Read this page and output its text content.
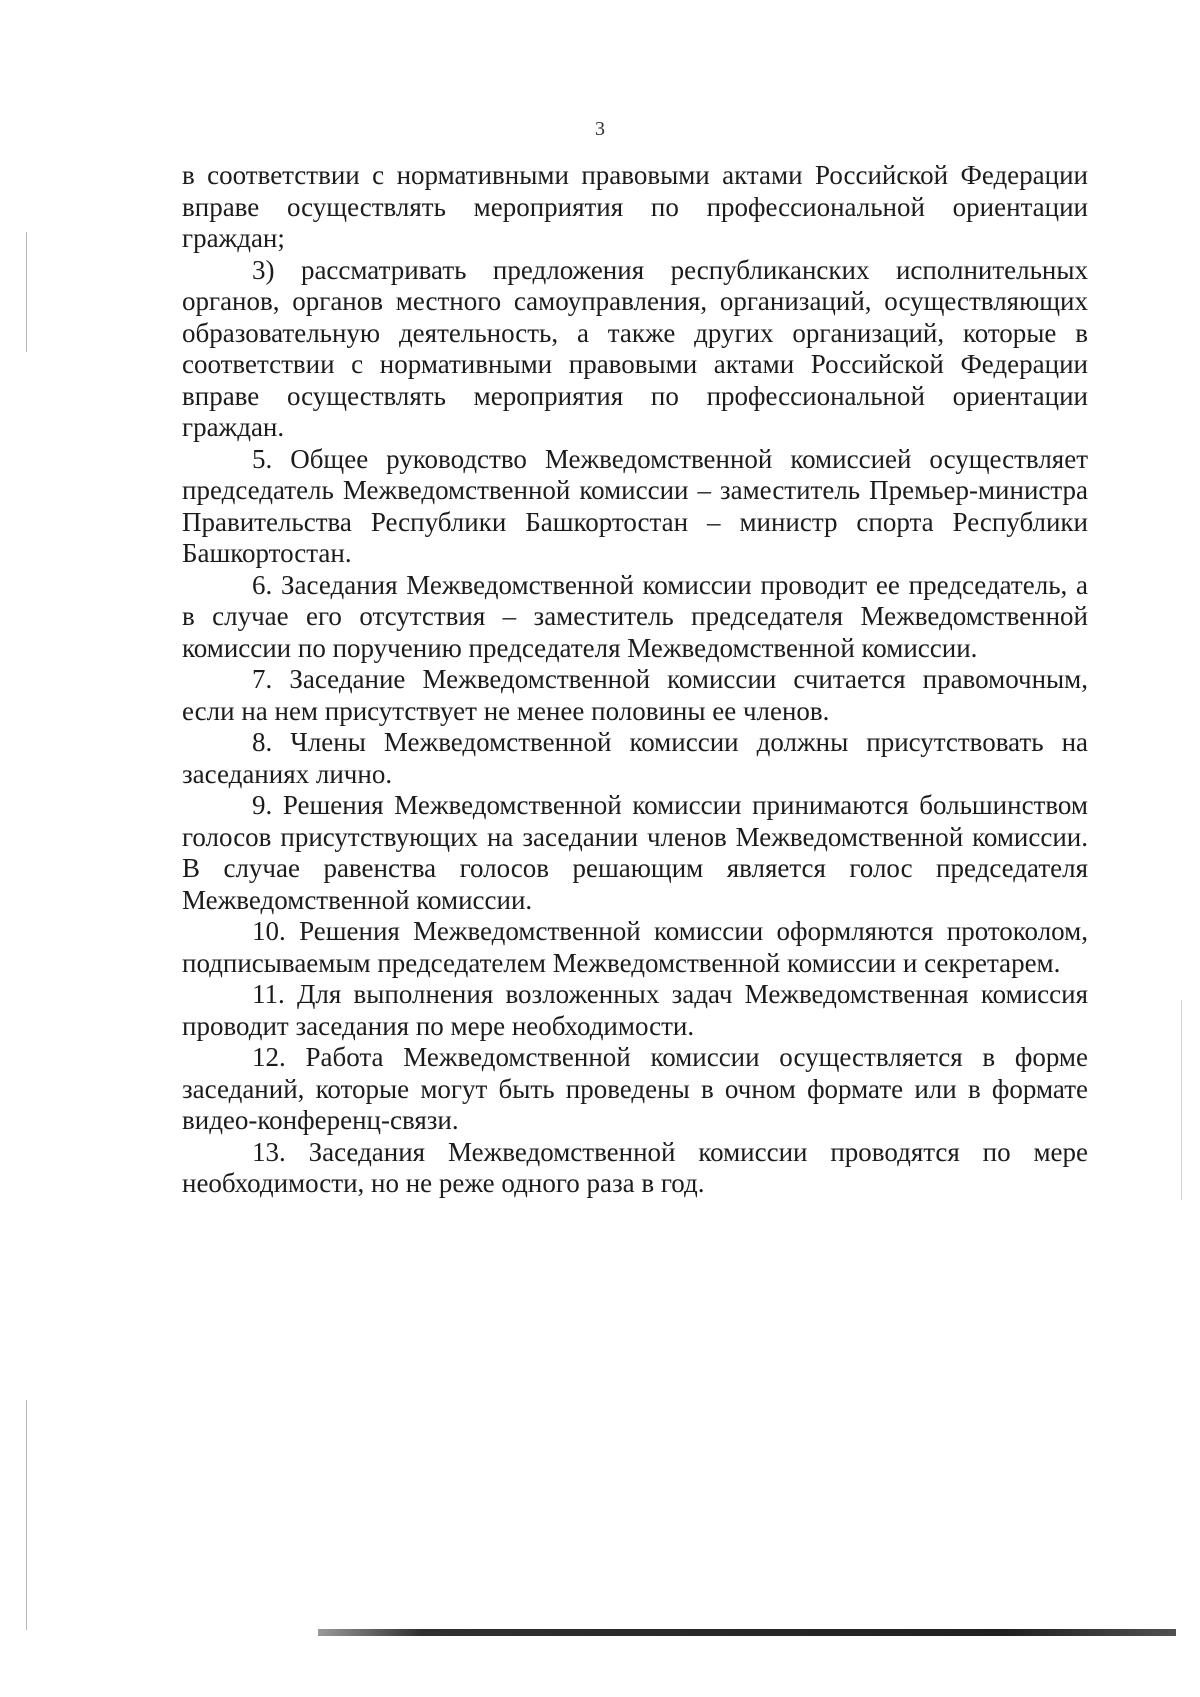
3

в соответствии с нормативными правовыми актами Российской Федерации вправе осуществлять мероприятия по профессиональной ориентации граждан;

3) рассматривать предложения республиканских исполнительных органов, органов местного самоуправления, организаций, осуществляющих образовательную деятельность, а также других организаций, которые в соответствии с нормативными правовыми актами Российской Федерации вправе осуществлять мероприятия по профессиональной ориентации граждан.

5. Общее руководство Межведомственной комиссией осуществляет председатель Межведомственной комиссии – заместитель Премьер-министра Правительства Республики Башкортостан – министр спорта Республики Башкортостан.

6. Заседания Межведомственной комиссии проводит ее председатель, а в случае его отсутствия – заместитель председателя Межведомственной комиссии по поручению председателя Межведомственной комиссии.

7. Заседание Межведомственной комиссии считается правомочным, если на нем присутствует не менее половины ее членов.

8. Члены Межведомственной комиссии должны присутствовать на заседаниях лично.

9. Решения Межведомственной комиссии принимаются большинством голосов присутствующих на заседании членов Межведомственной комиссии. В случае равенства голосов решающим является голос председателя Межведомственной комиссии.

10. Решения Межведомственной комиссии оформляются протоколом, подписываемым председателем Межведомственной комиссии и секретарем.

11. Для выполнения возложенных задач Межведомственная комиссия проводит заседания по мере необходимости.

12. Работа Межведомственной комиссии осуществляется в форме заседаний, которые могут быть проведены в очном формате или в формате видео-конференц-связи.

13. Заседания Межведомственной комиссии проводятся по мере необходимости, но не реже одного раза в год.
